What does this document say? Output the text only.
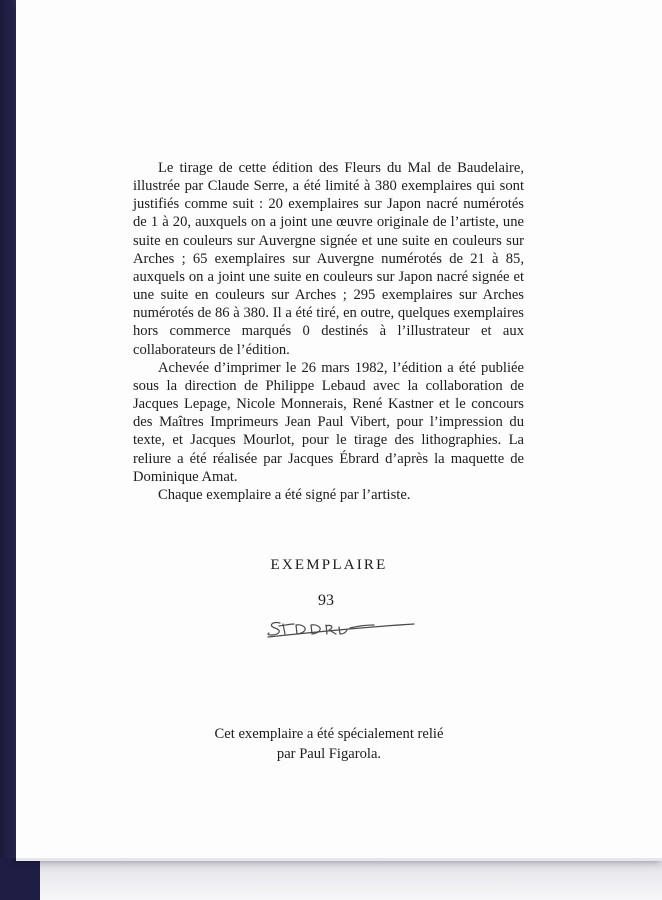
Le tirage de cette édition des Fleurs du Mal de Baudelaire, illustrée par Claude Serre, a été limité à 380 exemplaires qui sont justifiés comme suit : 20 exemplaires sur Japon nacré numérotés de 1 à 20, auxquels on a joint une œuvre originale de l’artiste, une suite en couleurs sur Auvergne signée et une suite en couleurs sur Arches ; 65 exemplaires sur Auvergne numérotés de 21 à 85, auxquels on a joint une suite en couleurs sur Japon nacré signée et une suite en couleurs sur Arches ; 295 exemplaires sur Arches numérotés de 86 à 380. Il a été tiré, en outre, quelques exemplaires hors commerce marqués 0 destinés à l’illustrateur et aux collaborateurs de l’édition.

Achevée d’imprimer le 26 mars 1982, l’édition a été publiée sous la direction de Philippe Lebaud avec la collaboration de Jacques Lepage, Nicole Monnerais, René Kastner et le concours des Maîtres Imprimeurs Jean Paul Vibert, pour l’impression du texte, et Jacques Mourlot, pour le tirage des lithographies. La reliure a été réalisée par Jacques Ébrard d’après la maquette de Dominique Amat.

Chaque exemplaire a été signé par l’artiste.

EXEMPLAIRE
93
Cet exemplaire a été spécialement relié
par Paul Figarola.
